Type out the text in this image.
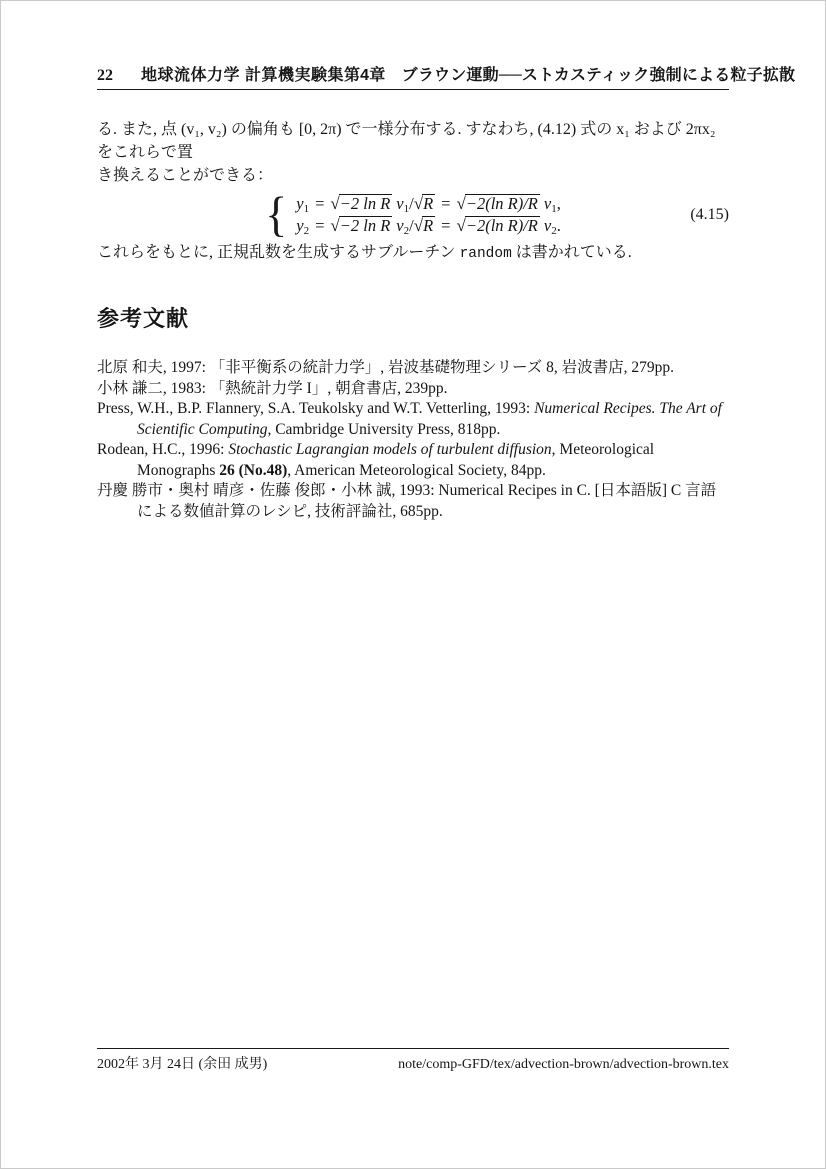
22 地球流体力学 計算機実験集 第4章　ブラウン運動──ストカスティック強制による粒子拡散
る. また, 点 (v₁, v₂) の偏角も [0, 2π) で一様分布する. すなわち, (4.12) 式の x₁ および 2πx₂ をこれらで置
き換えることができる：
{ $y_1 = √-2$ ln R $v_1/√R = √-2(\ln$ R)/R $v_1$,
$y_2 = √-2$ ln R $v_2/√R = √-2(\ln$ R)/R $v_2$.
(4.15)
これらをもとに, 正規乱数を生成するサブルーチン random は書かれている.
参考文献
北原 和夫, 1997: 「非平衡系の統計力学」, 岩波基礎物理シリーズ 8, 岩波書店, 279pp.
小林 謙二, 1983: 「熱統計力学 I」, 朝倉書店, 239pp.
Press, W.H., B.P. Flannery, S.A. Teukolsky and W.T. Vetterling, 1993: Numerical Recipes. The Art of Scientific Computing, Cambridge University Press, 818pp.
Rodean, H.C., 1996: Stochastic Lagrangian models of turbulent diffusion, Meteorological Monographs 26 (No.48), American Meteorological Society, 84pp.
丹慶 勝市・奥村 晴彦・佐藤 俊郎・小林 誠, 1993: Numerical Recipes in C. [日本語版] C 言語による数値計算のレシピ, 技術評論社, 685pp.
2002年 3月 24日 (余田 成男)	note/comp-GFD/tex/advection-brown/advection-brown.tex
